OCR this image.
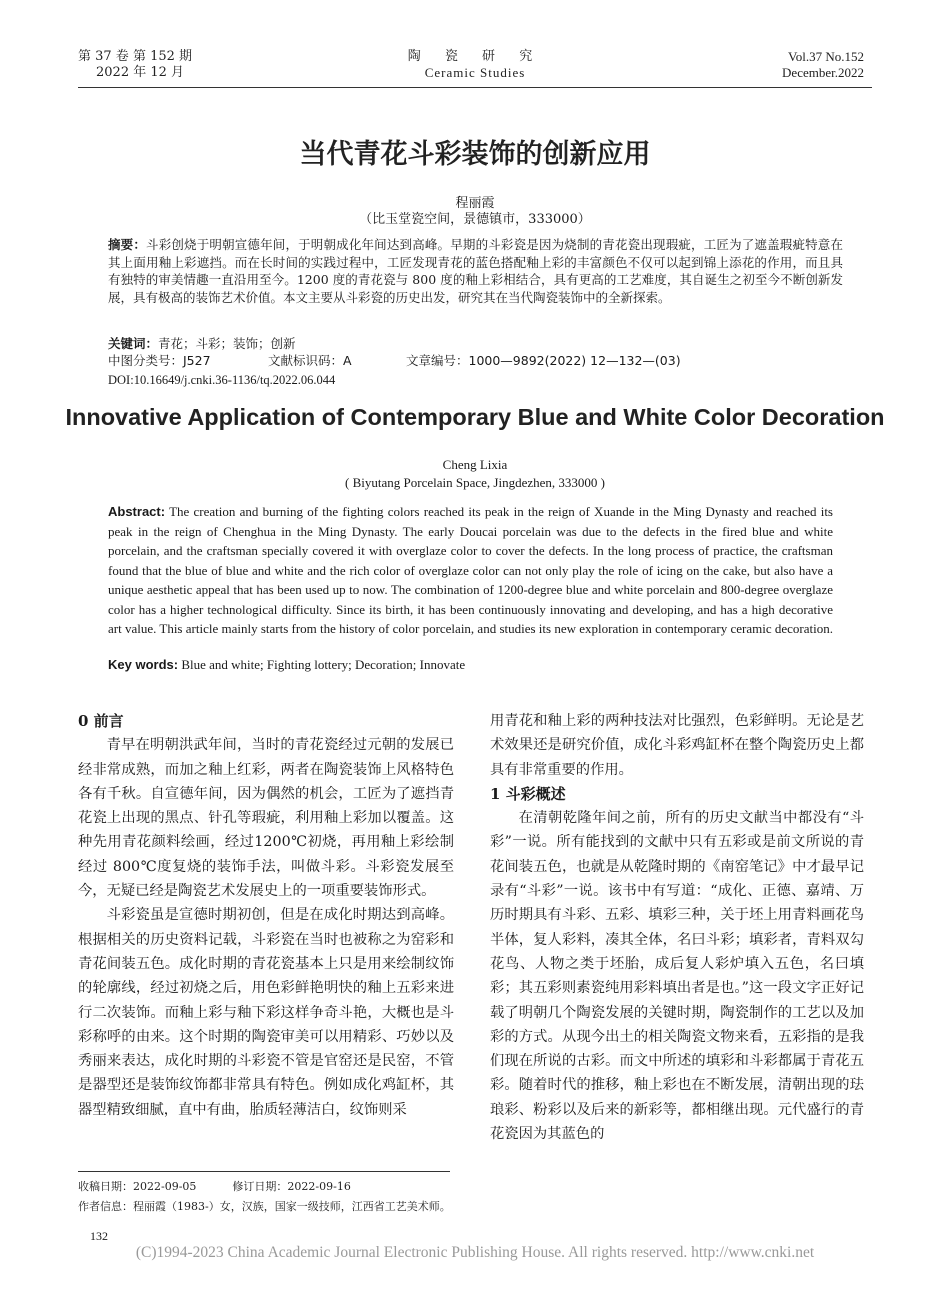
第 37 卷 第 152 期
2022 年 12 月
陶 瓷 研 究
Ceramic Studies
Vol.37 No.152
December.2022
当代青花斗彩装饰的创新应用
程丽霞
（比玉堂瓷空间，景德镇市，333000）
摘要：斗彩创烧于明朝宣德年间，于明朝成化年间达到高峰。早期的斗彩瓷是因为烧制的青花瓷出现瑕疵，工匠为了遮盖瑕疵特意在其上面用釉上彩遮挡。而在长时间的实践过程中，工匠发现青花的蓝色搭配釉上彩的丰富颜色不仅可以起到锦上添花的作用，而且具有独特的审美情趣一直沿用至今。1200 度的青花瓷与 800 度的釉上彩相结合，具有更高的工艺难度，其自诞生之初至今不断创新发展，具有极高的装饰艺术价值。本文主要从斗彩瓷的历史出发，研究其在当代陶瓷装饰中的全新探索。
关键词：青花；斗彩；装饰；创新
中图分类号：J527	文献标识码：A	文章编号：1000—9892(2022) 12—132—(03)
DOI:10.16649/j.cnki.36-1136/tq.2022.06.044
Innovative Application of Contemporary Blue and White Color Decoration
Cheng Lixia
( Biyutang Porcelain Space, Jingdezhen, 333000 )
Abstract: The creation and burning of the fighting colors reached its peak in the reign of Xuande in the Ming Dynasty and reached its peak in the reign of Chenghua in the Ming Dynasty. The early Doucai porcelain was due to the defects in the fired blue and white porcelain, and the craftsman specially covered it with overglaze color to cover the defects. In the long process of practice, the craftsman found that the blue of blue and white and the rich color of overglaze color can not only play the role of icing on the cake, but also have a unique aesthetic appeal that has been used up to now. The combination of 1200-degree blue and white porcelain and 800-degree overglaze color has a higher technological difficulty. Since its birth, it has been continuously innovating and developing, and has a high decorative art value. This article mainly starts from the history of color porcelain, and studies its new exploration in contemporary ceramic decoration.
Key words: Blue and white; Fighting lottery; Decoration; Innovate
0 前言

青早在明朝洪武年间，当时的青花瓷经过元朝的发展已经非常成熟，而加之釉上红彩，两者在陶瓷装饰上风格特色各有千秋。自宣德年间，因为偶然的机会，工匠为了遮挡青花瓷上出现的黑点、针孔等瑕疵，利用釉上彩加以覆盖。这种先用青花颜料绘画，经过1200℃初烧，再用釉上彩绘制经过 800℃度复烧的装饰手法，叫做斗彩。斗彩瓷发展至今，无疑已经是陶瓷艺术发展史上的一项重要装饰形式。

斗彩瓷虽是宣德时期初创，但是在成化时期达到高峰。根据相关的历史资料记载，斗彩瓷在当时也被称之为窑彩和青花间装五色。成化时期的青花瓷基本上只是用来绘制纹饰的轮廓线，经过初烧之后，用色彩鲜艳明快的釉上五彩来进行二次装饰。而釉上彩与釉下彩这样争奇斗艳，大概也是斗彩称呼的由来。这个时期的陶瓷审美可以用精彩、巧妙以及秀丽来表达，成化时期的斗彩瓷不管是官窑还是民窑，不管是器型还是装饰纹饰都非常具有特色。例如成化鸡缸杯，其器型精致细腻，直中有曲，胎质轻薄洁白，纹饰则采

用青花和釉上彩的两种技法对比强烈，色彩鲜明。无论是艺术效果还是研究价值，成化斗彩鸡缸杯在整个陶瓷历史上都具有非常重要的作用。

1 斗彩概述

在清朝乾隆年间之前，所有的历史文献当中都没有“斗彩”一说。所有能找到的文献中只有五彩或是前文所说的青花间装五色，也就是从乾隆时期的《南窑笔记》中才最早记录有“斗彩”一说。该书中有写道：“成化、正德、嘉靖、万历时期具有斗彩、五彩、填彩三种，关于坯上用青料画花鸟半体，复人彩料，凑其全体，名曰斗彩；填彩者，青料双勾花鸟、人物之类于坯胎，成后复人彩炉填入五色，名曰填彩；其五彩则素瓷纯用彩料填出者是也。”这一段文字正好记载了明朝几个陶瓷发展的关键时期，陶瓷制作的工艺以及加彩的方式。从现今出土的相关陶瓷文物来看，五彩指的是我们现在所说的古彩。而文中所述的填彩和斗彩都属于青花五彩。随着时代的推移，釉上彩也在不断发展，清朝出现的珐琅彩、粉彩以及后来的新彩等，都相继出现。元代盛行的青花瓷因为其蓝色的

收稿日期：2022-09-05	修订日期：2022-09-16
作者信息：程丽霞（1983-）女，汉族，国家一级技师，江西省工艺美术师。
132
(C)1994-2023 China Academic Journal Electronic Publishing House. All rights reserved. http://www.cnki.net
